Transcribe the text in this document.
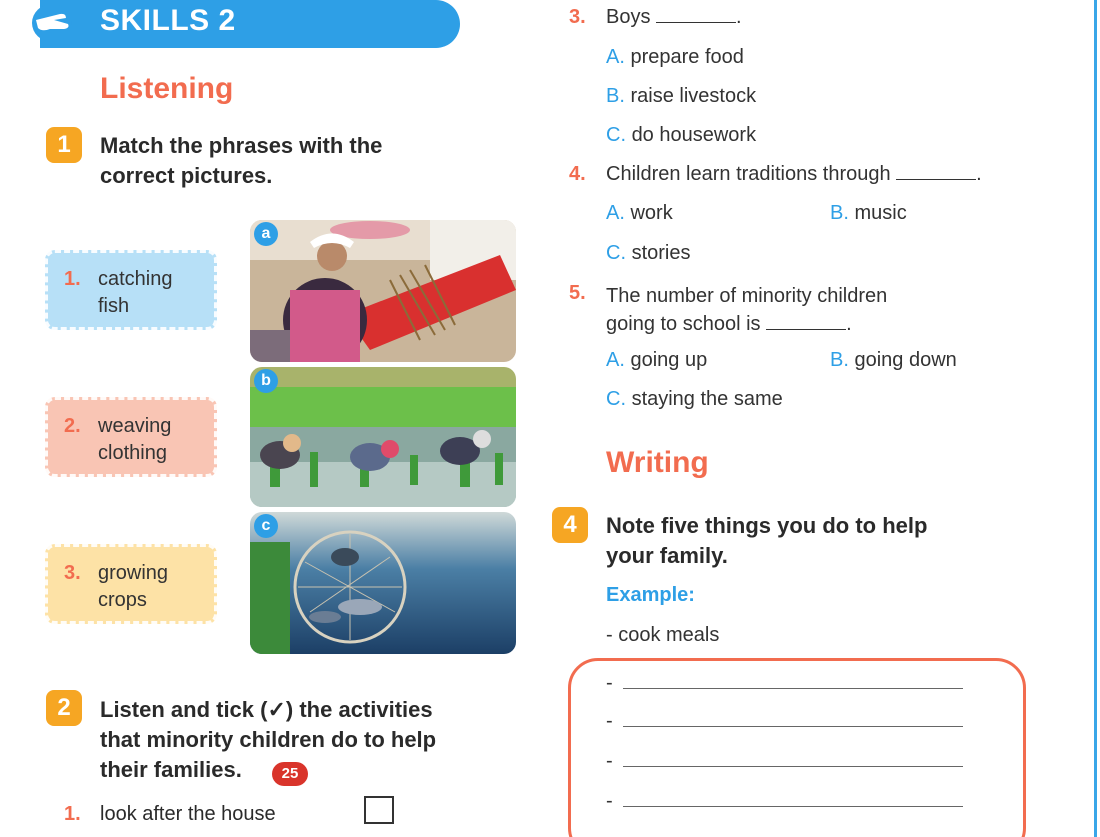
SKILLS 2
Listening
1	Match the phrases with the
correct pictures.
1. catching
fish
2. weaving
clothing
3. growing
crops
a
b
c
2	Listen and tick (✓) the activities
that minority children do to help
their families.	25
1. look after the house
3. Boys	.
A. prepare food
B. raise livestock
C. do housework
4. Children learn traditions through	.
A. work	B. music
C. stories
5. The number of minority children
going to school is	.
A. going up	B. going down
C. staying the same
Writing
4	Note five things you do to help
your family.
Example:
- cook meals
-
-
-
-
